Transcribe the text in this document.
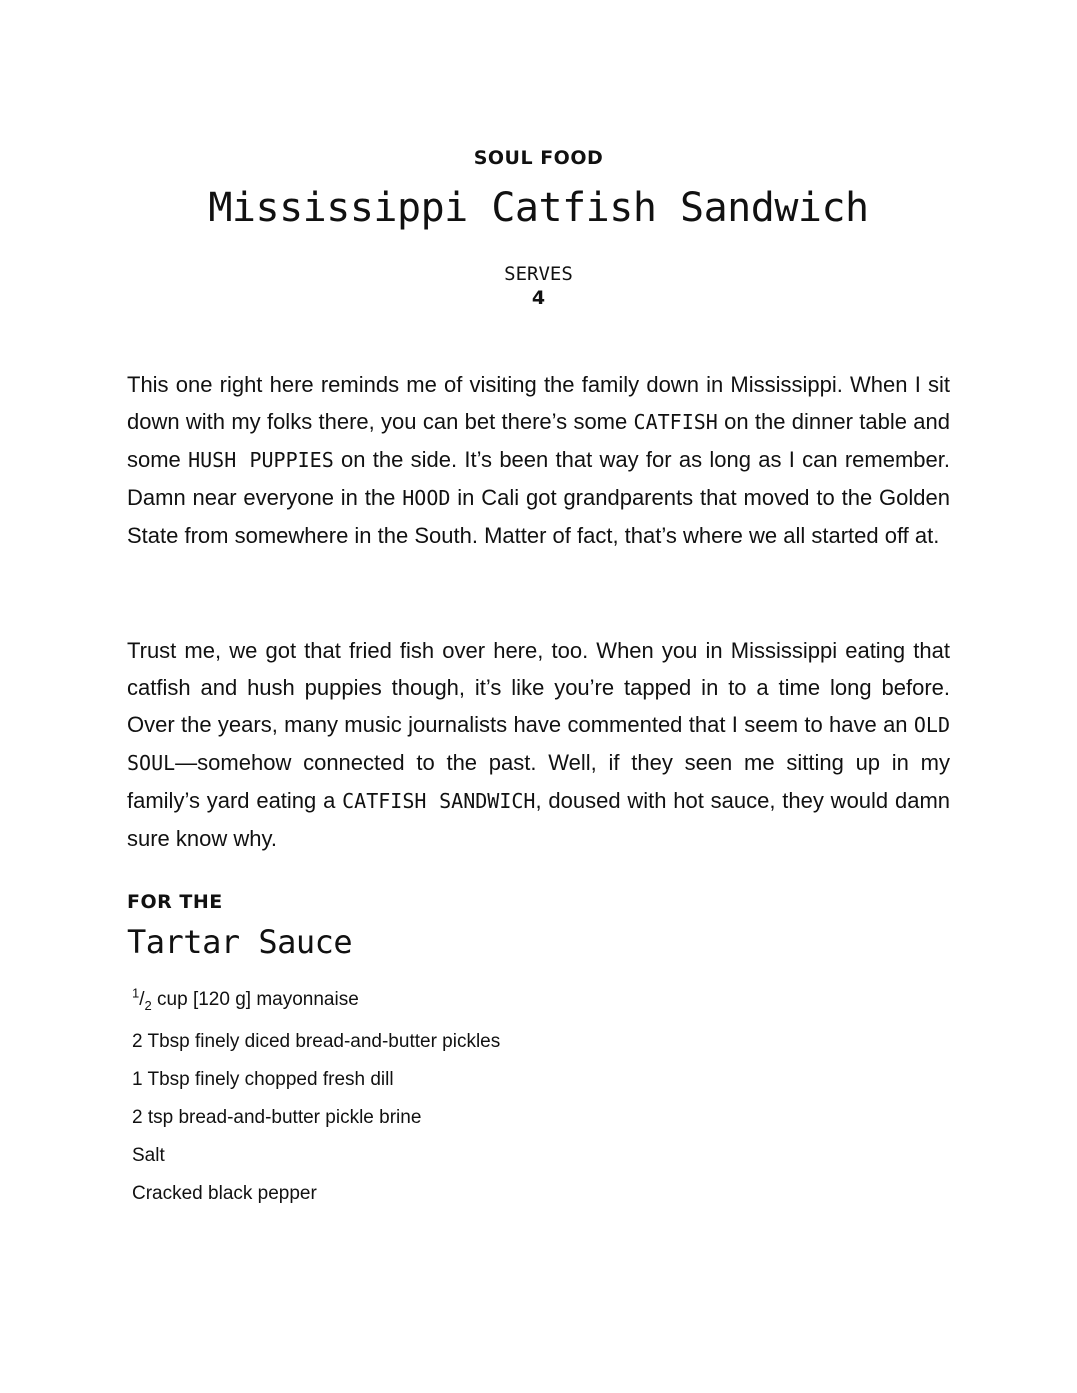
SOUL FOOD
Mississippi Catfish Sandwich
SERVES
4

This one right here reminds me of visiting the family down in Mississippi. When I sit down with my folks there, you can bet there’s some CATFISH on the dinner table and some HUSH PUPPIES on the side. It’s been that way for as long as I can remember. Damn near everyone in the HOOD in Cali got grandparents that moved to the Golden State from somewhere in the South. Matter of fact, that’s where we all started off at.

Trust me, we got that fried fish over here, too. When you in Mississippi eating that catfish and hush puppies though, it’s like you’re tapped in to a time long before. Over the years, many music journalists have commented that I seem to have an OLD SOUL—somehow connected to the past. Well, if they seen me sitting up in my family’s yard eating a CATFISH SANDWICH, doused with hot sauce, they would damn sure know why.

FOR THE
Tartar Sauce
$^1/_2$ cup [120 g] mayonnaise
2 Tbsp finely diced bread-and-butter pickles
1 Tbsp finely chopped fresh dill
2 tsp bread-and-butter pickle brine
Salt
Cracked black pepper
